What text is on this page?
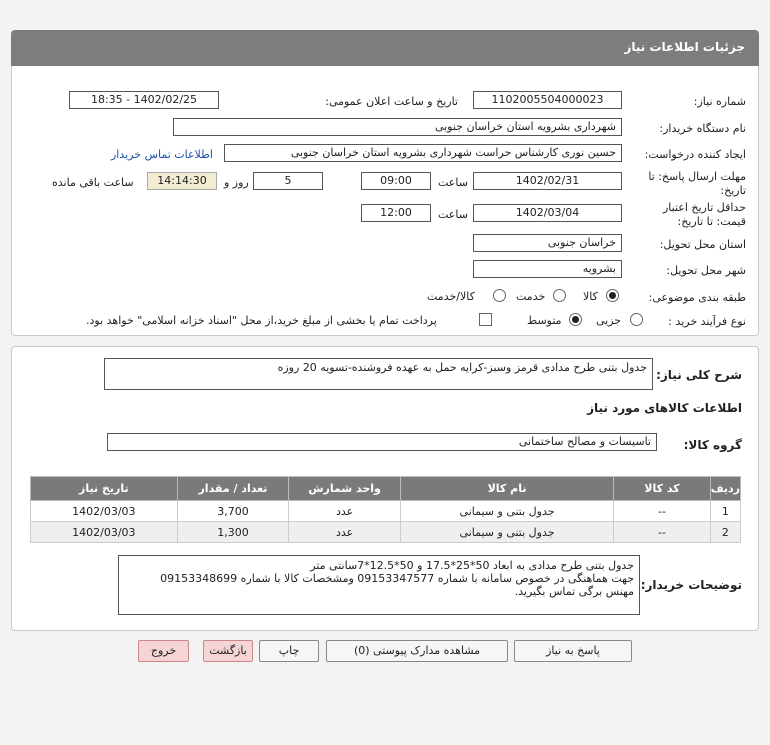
جزئیات اطلاعات نیاز
شماره نیاز:
1102005504000023
تاریخ و ساعت اعلان عمومی:
1402/02/25 - 18:35
نام دستگاه خریدار:
شهرداری بشرویه استان خراسان جنوبی
ایجاد کننده درخواست:
حسین نوری کارشناس حراست شهرداری بشرویه استان خراسان جنوبی
اطلاعات تماس خریدار
مهلت ارسال پاسخ: تا
تاریخ:
1402/02/31
ساعت
09:00
5
روز و
14:14:30
ساعت باقی مانده
حداقل تاریخ اعتبار
قیمت: تا تاریخ:
1402/03/04
ساعت
12:00
استان محل تحویل:
خراسان جنوبی
شهر محل تحویل:
بشرویه
طبقه بندی موضوعی:
کالا
خدمت
کالا/خدمت
نوع فرآیند خرید :
جزیی
متوسط
پرداخت تمام یا بخشی از مبلغ خرید،از محل "اسناد خزانه اسلامی" خواهد بود.
شرح کلی نیاز:
جدول بتنی طرح مدادی قرمز وسبز-کرایه حمل به عهده فروشنده-تسویه 20 روزه
اطلاعات کالاهای مورد نیاز
گروه کالا:
تاسیسات و مصالح ساختمانی
ردیف	کد کالا	نام کالا	واحد شمارش	تعداد / مقدار	تاریخ نیاز
1	--	جدول بتنی و سیمانی	عدد	3,700	1402/03/03
2	--	جدول بتنی و سیمانی	عدد	1,300	1402/03/03
توضیحات خریدار:
جدول بتنی طرح مدادی به ابعاد 50*25*17.5 و 50*12.5*7سانتی متر
جهت هماهنگی در خصوص سامانه با شماره 09153347577 ومشخصات کالا با شماره 09153348699
مهنس برگی تماس بگیرید.
پاسخ به نیاز
مشاهده مدارک پیوستی (0)
چاپ
بازگشت
خروج
